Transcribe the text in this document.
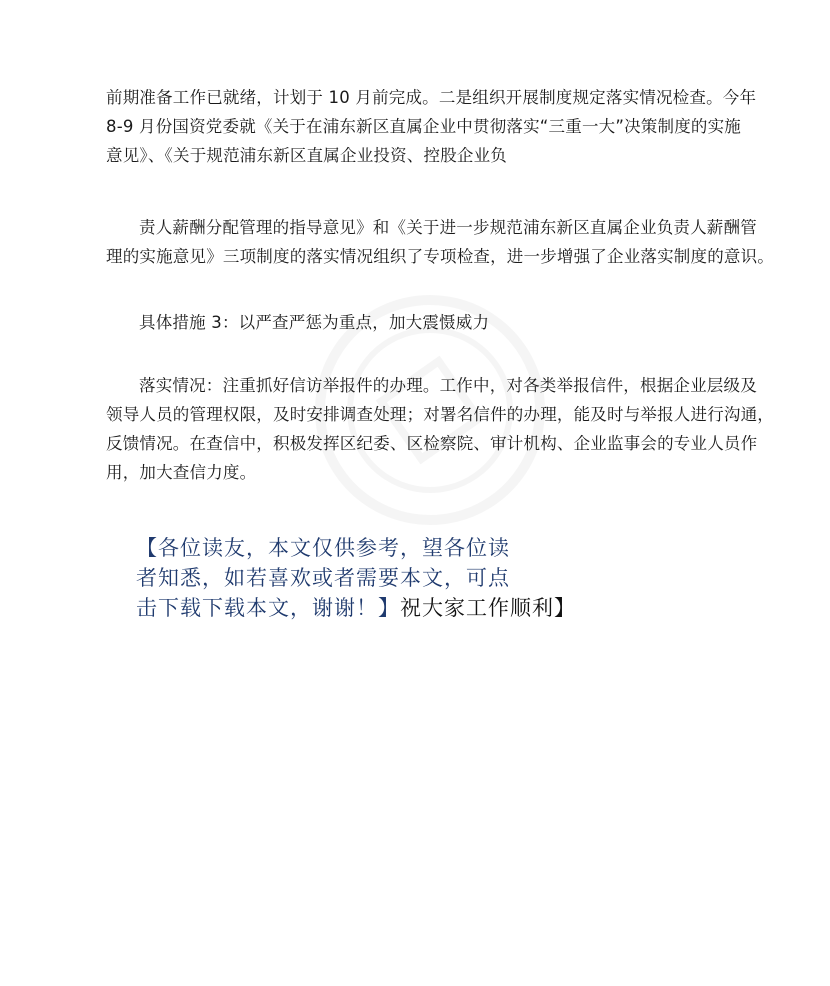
前期准备工作已就绪，计划于 10 月前完成。二是组织开展制度规定落实情况检查。今年
8-9 月份国资党委就《关于在浦东新区直属企业中贯彻落实“三重一大”决策制度的实施
意见》、《关于规范浦东新区直属企业投资、控股企业负
责人薪酬分配管理的指导意见》和《关于进一步规范浦东新区直属企业负责人薪酬管
理的实施意见》三项制度的落实情况组织了专项检查，进一步增强了企业落实制度的意识。
具体措施 3：以严查严惩为重点，加大震慑威力
落实情况：注重抓好信访举报件的办理。工作中，对各类举报信件，根据企业层级及
领导人员的管理权限，及时安排调查处理；对署名信件的办理，能及时与举报人进行沟通，
反馈情况。在查信中，积极发挥区纪委、区检察院、审计机构、企业监事会的专业人员作
用，加大查信力度。
【各位读友，本文仅供参考，望各位读
者知悉，如若喜欢或者需要本文，可点
击下载下载本文，谢谢！】祝大家工作顺利】
